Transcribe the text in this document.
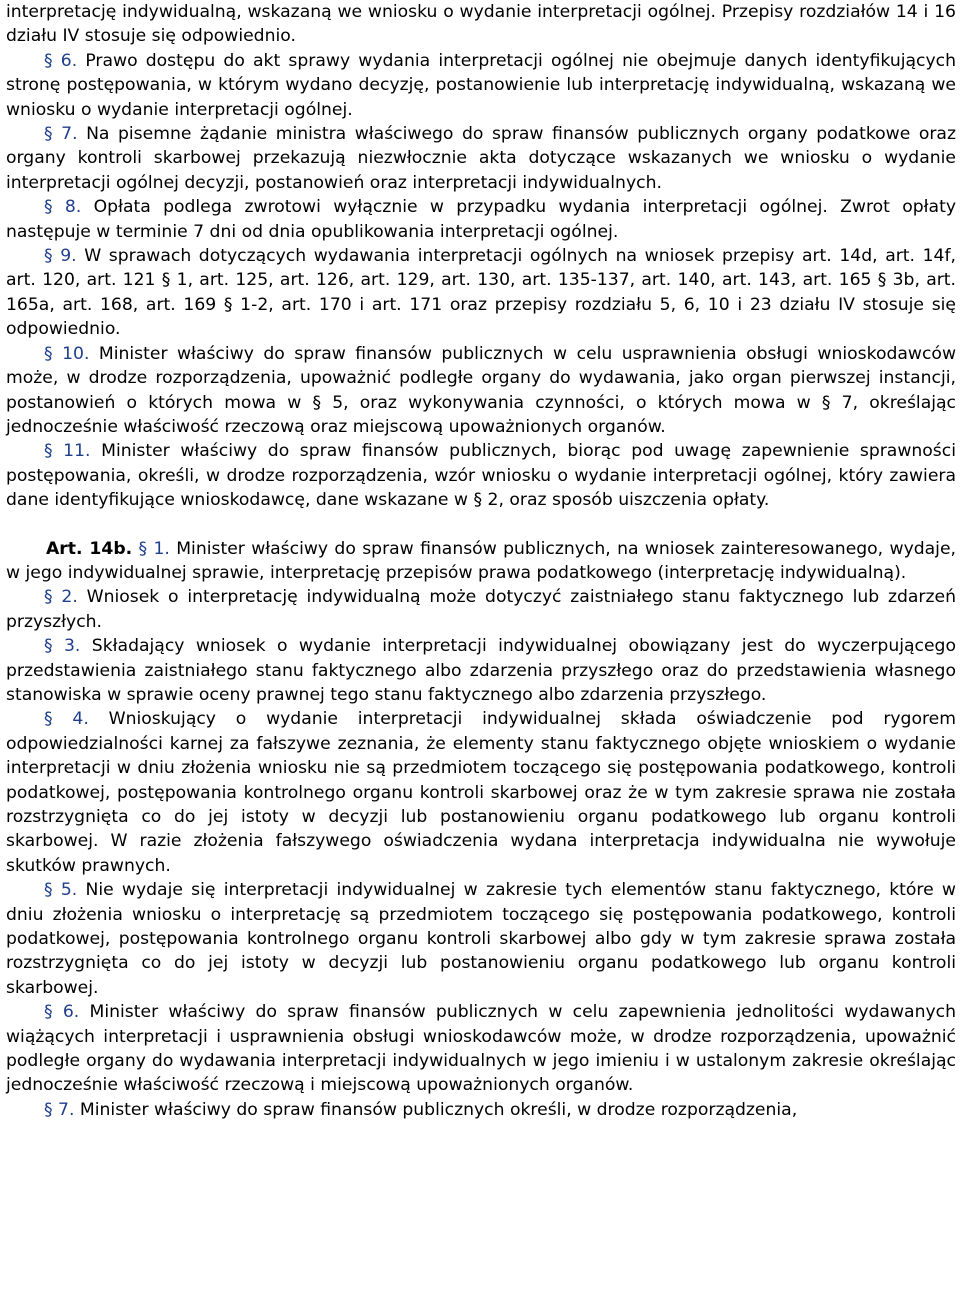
interpretację indywidualną, wskazaną we wniosku o wydanie interpretacji ogólnej. Przepisy rozdziałów 14 i 16 działu IV stosuje się odpowiednio.

§ 6. Prawo dostępu do akt sprawy wydania interpretacji ogólnej nie obejmuje danych identyfikujących stronę postępowania, w którym wydano decyzję, postanowienie lub interpretację indywidualną, wskazaną we wniosku o wydanie interpretacji ogólnej.

§ 7. Na pisemne żądanie ministra właściwego do spraw finansów publicznych organy podatkowe oraz organy kontroli skarbowej przekazują niezwłocznie akta dotyczące wskazanych we wniosku o wydanie interpretacji ogólnej decyzji, postanowień oraz interpretacji indywidualnych.

§ 8. Opłata podlega zwrotowi wyłącznie w przypadku wydania interpretacji ogólnej. Zwrot opłaty następuje w terminie 7 dni od dnia opublikowania interpretacji ogólnej.

§ 9. W sprawach dotyczących wydawania interpretacji ogólnych na wniosek przepisy art. 14d, art. 14f, art. 120, art. 121 § 1, art. 125, art. 126, art. 129, art. 130, art. 135-137, art. 140, art. 143, art. 165 § 3b, art. 165a, art. 168, art. 169 § 1-2, art. 170 i art. 171 oraz przepisy rozdziału 5, 6, 10 i 23 działu IV stosuje się odpowiednio.

§ 10. Minister właściwy do spraw finansów publicznych w celu usprawnienia obsługi wnioskodawców może, w drodze rozporządzenia, upoważnić podległe organy do wydawania, jako organ pierwszej instancji, postanowień o których mowa w § 5, oraz wykonywania czynności, o których mowa w § 7, określając jednocześnie właściwość rzeczową oraz miejscową upoważnionych organów.

§ 11. Minister właściwy do spraw finansów publicznych, biorąc pod uwagę zapewnienie sprawności postępowania, określi, w drodze rozporządzenia, wzór wniosku o wydanie interpretacji ogólnej, który zawiera dane identyfikujące wnioskodawcę, dane wskazane w § 2, oraz sposób uiszczenia opłaty.

Art. 14b. § 1. Minister właściwy do spraw finansów publicznych, na wniosek zainteresowanego, wydaje, w jego indywidualnej sprawie, interpretację przepisów prawa podatkowego (interpretację indywidualną).

§ 2. Wniosek o interpretację indywidualną może dotyczyć zaistniałego stanu faktycznego lub zdarzeń przyszłych.

§ 3. Składający wniosek o wydanie interpretacji indywidualnej obowiązany jest do wyczerpującego przedstawienia zaistniałego stanu faktycznego albo zdarzenia przyszłego oraz do przedstawienia własnego stanowiska w sprawie oceny prawnej tego stanu faktycznego albo zdarzenia przyszłego.

§ 4. Wnioskujący o wydanie interpretacji indywidualnej składa oświadczenie pod rygorem odpowiedzialności karnej za fałszywe zeznania, że elementy stanu faktycznego objęte wnioskiem o wydanie interpretacji w dniu złożenia wniosku nie są przedmiotem toczącego się postępowania podatkowego, kontroli podatkowej, postępowania kontrolnego organu kontroli skarbowej oraz że w tym zakresie sprawa nie została rozstrzygnięta co do jej istoty w decyzji lub postanowieniu organu podatkowego lub organu kontroli skarbowej. W razie złożenia fałszywego oświadczenia wydana interpretacja indywidualna nie wywołuje skutków prawnych.

§ 5. Nie wydaje się interpretacji indywidualnej w zakresie tych elementów stanu faktycznego, które w dniu złożenia wniosku o interpretację są przedmiotem toczącego się postępowania podatkowego, kontroli podatkowej, postępowania kontrolnego organu kontroli skarbowej albo gdy w tym zakresie sprawa została rozstrzygnięta co do jej istoty w decyzji lub postanowieniu organu podatkowego lub organu kontroli skarbowej.

§ 6. Minister właściwy do spraw finansów publicznych w celu zapewnienia jednolitości wydawanych wiążących interpretacji i usprawnienia obsługi wnioskodawców może, w drodze rozporządzenia, upoważnić podległe organy do wydawania interpretacji indywidualnych w jego imieniu i w ustalonym zakresie określając jednocześnie właściwość rzeczową i miejscową upoważnionych organów.

§ 7. Minister właściwy do spraw finansów publicznych określi, w drodze rozporządzenia,
